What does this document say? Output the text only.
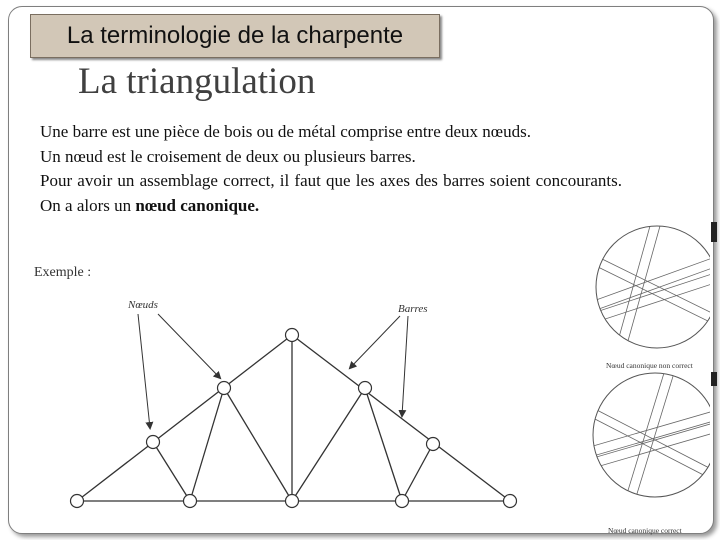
La terminologie de la charpente
La triangulation

Une barre est une pièce de bois ou de métal comprise entre deux nœuds.

Un nœud est le croisement de deux ou plusieurs barres.

Pour avoir un assemblage correct, il faut que les axes des barres soient concourants. On a alors un nœud canonique.

Exemple :
Nœuds	Barres
Nœud canonique non correct
Nœud canonique correct
